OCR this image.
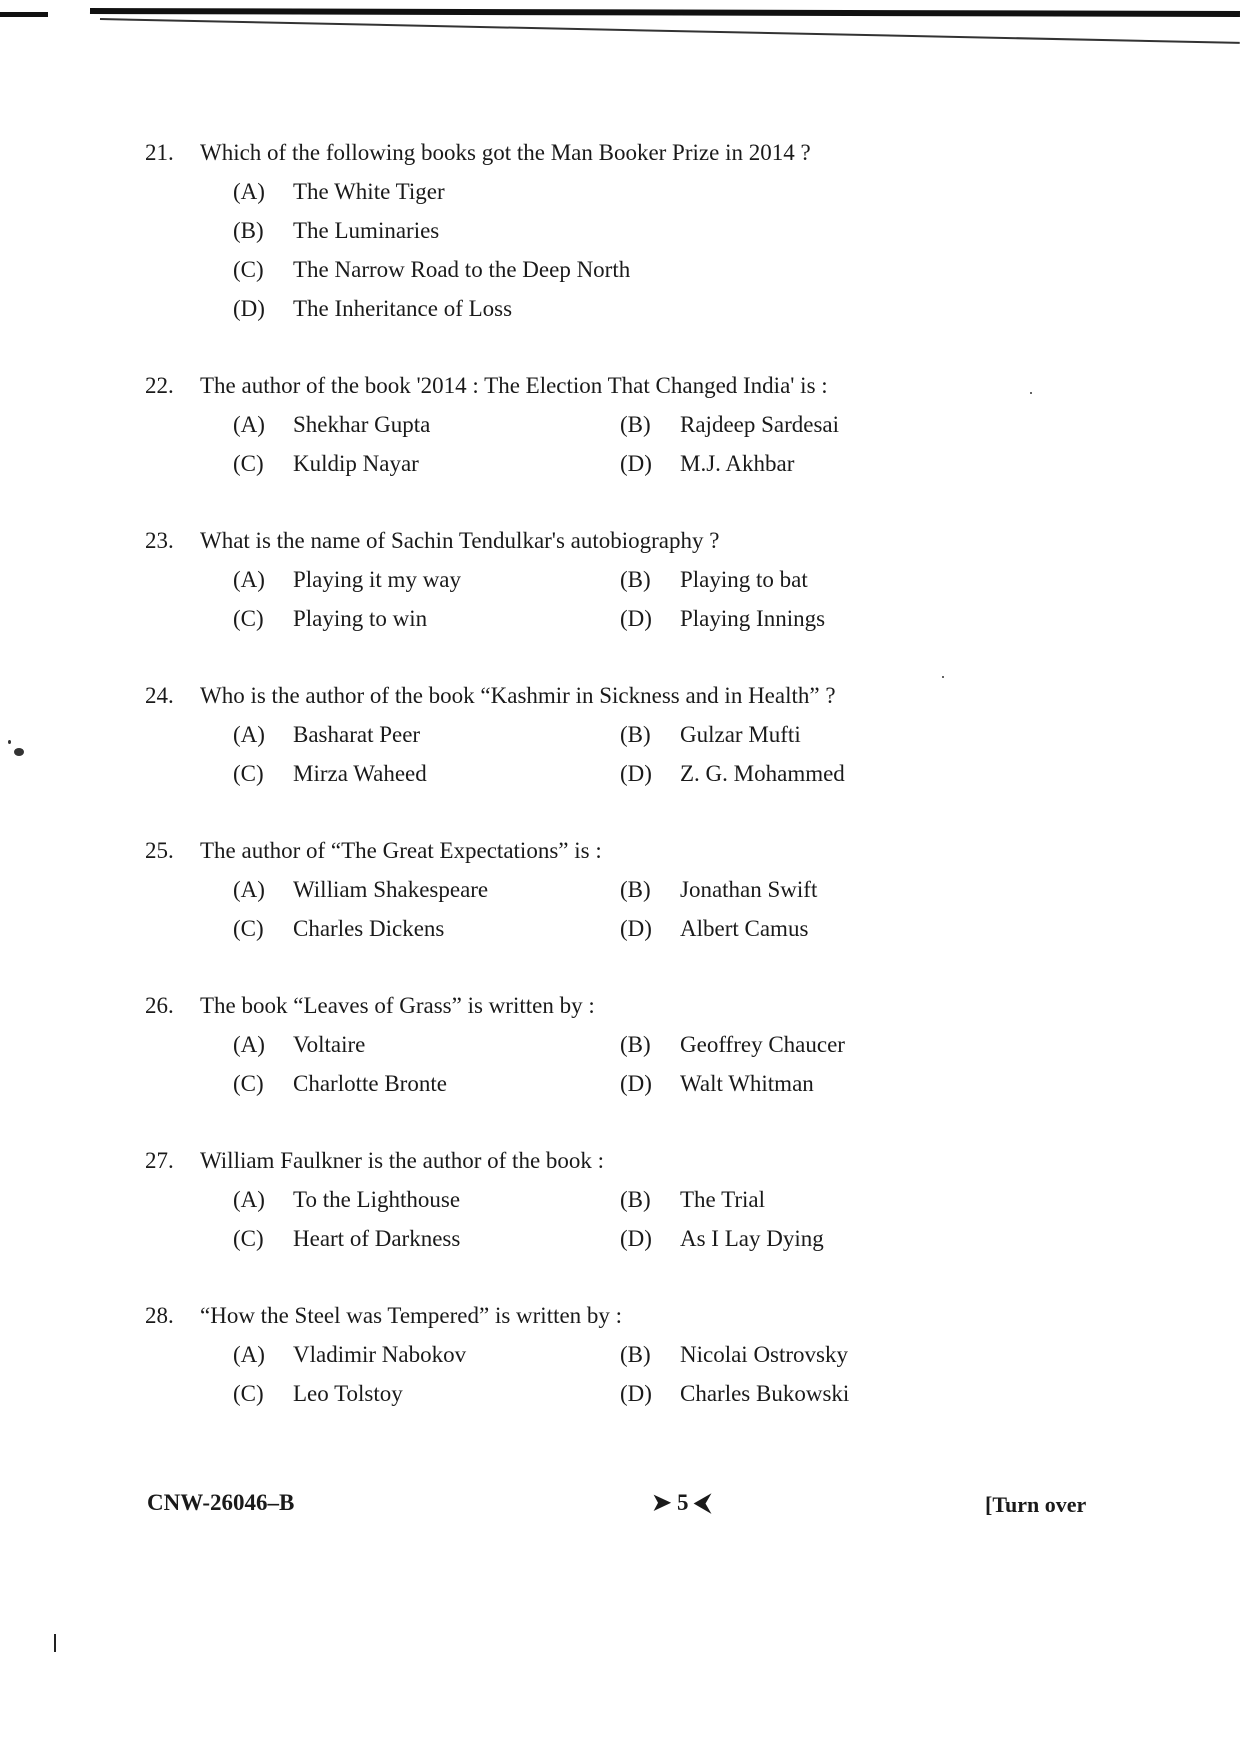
21. Which of the following books got the Man Booker Prize in 2014 ?
(A) The White Tiger
(B) The Luminaries
(C) The Narrow Road to the Deep North
(D) The Inheritance of Loss
22. The author of the book '2014 : The Election That Changed India' is :
(A) Shekhar Gupta	(B) Rajdeep Sardesai
(C) Kuldip Nayar	(D) M.J. Akhbar
23. What is the name of Sachin Tendulkar's autobiography ?
(A) Playing it my way	(B) Playing to bat
(C) Playing to win	(D) Playing Innings
24. Who is the author of the book “Kashmir in Sickness and in Health” ?
(A) Basharat Peer	(B) Gulzar Mufti
(C) Mirza Waheed	(D) Z. G. Mohammed
25. The author of “The Great Expectations” is :
(A) William Shakespeare	(B) Jonathan Swift
(C) Charles Dickens	(D) Albert Camus
26. The book “Leaves of Grass” is written by :
(A) Voltaire	(B) Geoffrey Chaucer
(C) Charlotte Bronte	(D) Walt Whitman
27. William Faulkner is the author of the book :
(A) To the Lighthouse	(B) The Trial
(C) Heart of Darkness	(D) As I Lay Dying
28. “How the Steel was Tempered” is written by :
(A) Vladimir Nabokov	(B) Nicolai Ostrovsky
(C) Leo Tolstoy	(D) Charles Bukowski
CNW-26046–B	➤ 5 ⮜	[Turn over
